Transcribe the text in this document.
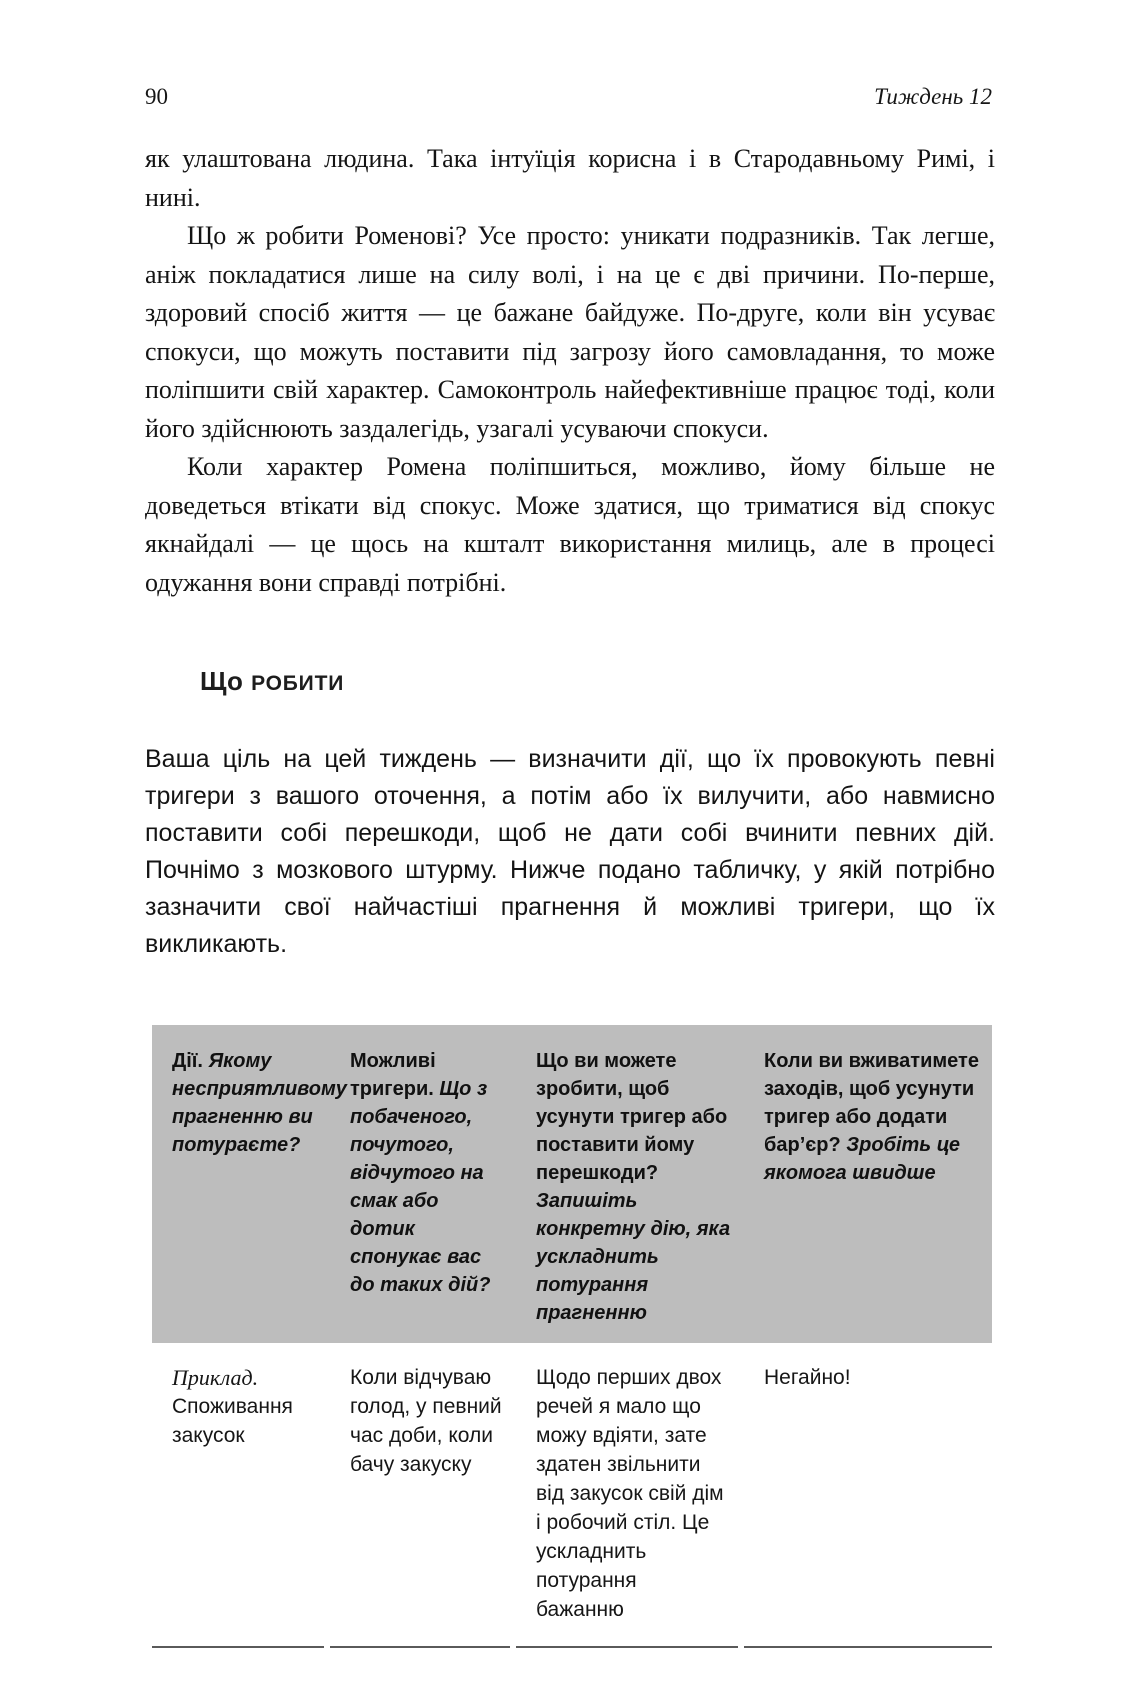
90	Тиждень 12

як улаштована людина. Така інтуїція корисна і в Стародавньому Римі, і нині.

Що ж робити Роменові? Усе просто: уникати подразників. Так легше, аніж покладатися лише на силу волі, і на це є дві причини. По-перше, здоровий спосіб життя — це бажане байдуже. По-друге, коли він усуває спокуси, що можуть поставити під загрозу його самовладання, то може поліпшити свій характер. Самоконтроль найефективніше працює тоді, коли його здійснюють заздалегідь, узагалі усуваючи спокуси.

Коли характер Ромена поліпшиться, можливо, йому більше не доведеться втікати від спокус. Може здатися, що триматися від спокус якнайдалі — це щось на кшталт використання милиць, але в процесі одужання вони справді потрібні.

Що РОБИТИ

Ваша ціль на цей тиждень — визначити дії, що їх провокують певні тригери з вашого оточення, а потім або їх вилучити, або навмисно поставити собі перешкоди, щоб не дати собі вчинити певних дій. Почнімо з мозкового штурму. Нижче подано табличку, у якій потрібно зазначити свої найчастіші прагнення й можливі тригери, що їх викликають.

Дії. Якому несприятливому прагненню ви потураєте?
Можливі тригери. Що з побаченого, почутого, відчутого на смак або дотик спонукає вас до таких дій?
Що ви можете зробити, щоб усунути тригер або поставити йому перешкоди? Запишіть конкретну дію, яка ускладнить потурання прагненню
Коли ви вживатимете заходів, щоб усунути тригер або додати бар’єр? Зробіть це якомога швидше
Приклад.
Споживання закусок
Коли відчуваю голод, у певний час доби, коли бачу закуску
Щодо перших двох речей я мало що можу вдіяти, зате здатен звільнити від закусок свій дім і робочий стіл. Це ускладнить потурання бажанню
Негайно!
